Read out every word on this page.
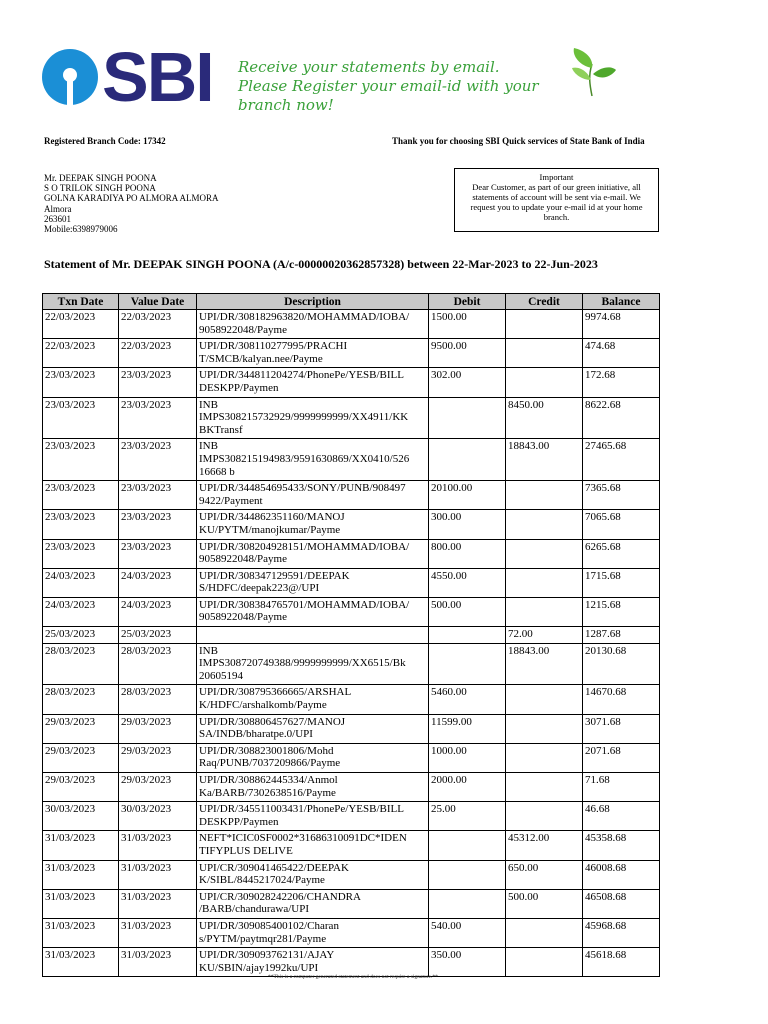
SBI Receive your statements by email.
Please Register your email-id with your branch now!
Registered Branch Code: 17342	Thank you for choosing SBI Quick services of State Bank of India
Mr. DEEPAK SINGH POONA
S O TRILOK SINGH POONA
GOLNA KARADIYA PO ALMORA ALMORA
Almora
263601
Mobile:6398979006
Important
Dear Customer, as part of our green initiative, all statements of account will be sent via e-mail. We request you to update your e-mail id at your home branch.
Statement of Mr. DEEPAK SINGH POONA (A/c-00000020362857328) between 22-Mar-2023 to 22-Jun-2023
Txn Date	Value Date	Description	Debit	Credit	Balance
22/03/2023	22/03/2023	UPI/DR/308182963820/MOHAMMAD/IOBA/ 9058922048/Payme	1500.00		9974.68
22/03/2023	22/03/2023	UPI/DR/308110277995/PRACHI T/SMCB/kalyan.nee/Payme	9500.00		474.68
23/03/2023	23/03/2023	UPI/DR/344811204274/PhonePe/YESB/BILL DESKPP/Paymen	302.00		172.68
23/03/2023	23/03/2023	INB IMPS308215732929/9999999999/XX4911/KK BKTransf		8450.00	8622.68
23/03/2023	23/03/2023	INB IMPS308215194983/9591630869/XX0410/526 16668 b		18843.00	27465.68
23/03/2023	23/03/2023	UPI/DR/344854695433/SONY/PUNB/908497 9422/Payment	20100.00		7365.68
23/03/2023	23/03/2023	UPI/DR/344862351160/MANOJ KU/PYTM/manojkumar/Payme	300.00		7065.68
23/03/2023	23/03/2023	UPI/DR/308204928151/MOHAMMAD/IOBA/ 9058922048/Payme	800.00		6265.68
24/03/2023	24/03/2023	UPI/DR/308347129591/DEEPAK S/HDFC/deepak223@/UPI	4550.00		1715.68
24/03/2023	24/03/2023	UPI/DR/308384765701/MOHAMMAD/IOBA/ 9058922048/Payme	500.00		1215.68
25/03/2023	25/03/2023			72.00	1287.68
28/03/2023	28/03/2023	INB IMPS308720749388/9999999999/XX6515/Bk 20605194		18843.00	20130.68
28/03/2023	28/03/2023	UPI/DR/308795366665/ARSHAL K/HDFC/arshalkomb/Payme	5460.00		14670.68
29/03/2023	29/03/2023	UPI/DR/308806457627/MANOJ SA/INDB/bharatpe.0/UPI	11599.00		3071.68
29/03/2023	29/03/2023	UPI/DR/308823001806/Mohd Raq/PUNB/7037209866/Payme	1000.00		2071.68
29/03/2023	29/03/2023	UPI/DR/308862445334/Anmol Ka/BARB/7302638516/Payme	2000.00		71.68
30/03/2023	30/03/2023	UPI/DR/345511003431/PhonePe/YESB/BILL DESKPP/Paymen	25.00		46.68
31/03/2023	31/03/2023	NEFT*ICIC0SF0002*31686310091DC*IDEN TIFYPLUS DELIVE		45312.00	45358.68
31/03/2023	31/03/2023	UPI/CR/309041465422/DEEPAK K/SIBL/8445217024/Payme		650.00	46008.68
31/03/2023	31/03/2023	UPI/CR/309028242206/CHANDRA /BARB/chandurawa/UPI		500.00	46508.68
31/03/2023	31/03/2023	UPI/DR/309085400102/Charan s/PYTM/paytmqr281/Payme	540.00		45968.68
31/03/2023	31/03/2023	UPI/DR/309093762131/AJAY KU/SBIN/ajay1992ku/UPI	350.00		45618.68
**This is a computer generated statement and does not require a signature.**
